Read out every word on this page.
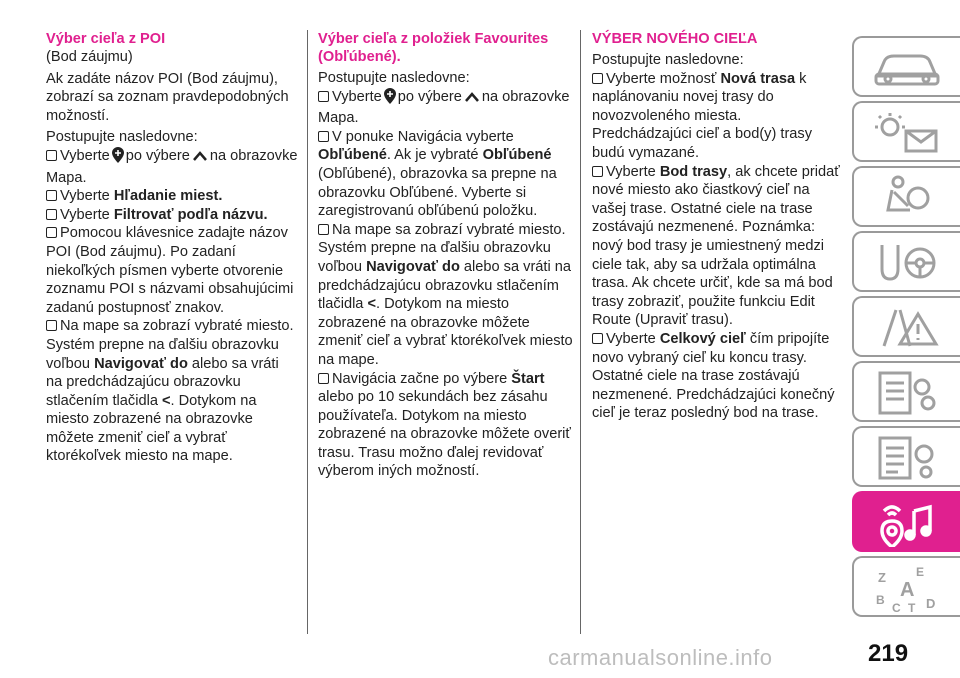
Výber cieľa z POI
(Bod záujmu)
Ak zadáte názov POI (Bod záujmu), zobrazí sa zoznam pravdepodobných možností.
Postupujte nasledovne:
Vyberte po výbere na obrazovke Mapa.
Vyberte Hľadanie miest.
Vyberte Filtrovať podľa názvu.
Pomocou klávesnice zadajte názov POI (Bod záujmu). Po zadaní niekoľkých písmen vyberte otvorenie zoznamu POI s názvami obsahujúcimi zadanú postupnosť znakov.
Na mape sa zobrazí vybraté miesto. Systém prepne na ďalšiu obrazovku voľbou Navigovať do alebo sa vráti na predchádzajúcu obrazovku stlačením tlačidla <. Dotykom na miesto zobrazené na obrazovke môžete zmeniť cieľ a vybrať ktorékoľvek miesto na mape.
Výber cieľa z položiek Favourites (Obľúbené).
Postupujte nasledovne:
Vyberte po výbere na obrazovke Mapa.
V ponuke Navigácia vyberte Obľúbené. Ak je vybraté Obľúbené (Obľúbené), obrazovka sa prepne na obrazovku Obľúbené. Vyberte si zaregistrovanú obľúbenú položku.
Na mape sa zobrazí vybraté miesto. Systém prepne na ďalšiu obrazovku voľbou Navigovať do alebo sa vráti na predchádzajúcu obrazovku stlačením tlačidla <. Dotykom na miesto zobrazené na obrazovke môžete zmeniť cieľ a vybrať ktorékoľvek miesto na mape.
Navigácia začne po výbere Štart alebo po 10 sekundách bez zásahu používateľa. Dotykom na miesto zobrazené na obrazovke môžete overiť trasu. Trasu možno ďalej revidovať výberom iných možností.
VÝBER NOVÉHO CIEĽA
Postupujte nasledovne:
Vyberte možnosť Nová trasa k naplánovaniu novej trasy do novozvoleného miesta. Predchádzajúci cieľ a bod(y) trasy budú vymazané.
Vyberte Bod trasy, ak chcete pridať nové miesto ako čiastkový cieľ na vašej trase. Ostatné ciele na trase zostávajú nezmenené. Poznámka: nový bod trasy je umiestnený medzi ciele tak, aby sa udržala optimálna trasa. Ak chcete určiť, kde sa má bod trasy zobraziť, použite funkciu Edit Route (Upraviť trasu).
Vyberte Celkový cieľ čím pripojíte novo vybraný cieľ ku koncu trasy. Ostatné ciele na trase zostávajú nezmenené. Predchádzajúci konečný cieľ je teraz posledný bod na trase.
Z	E
B A
C T D
carmanualsonline.info	219
